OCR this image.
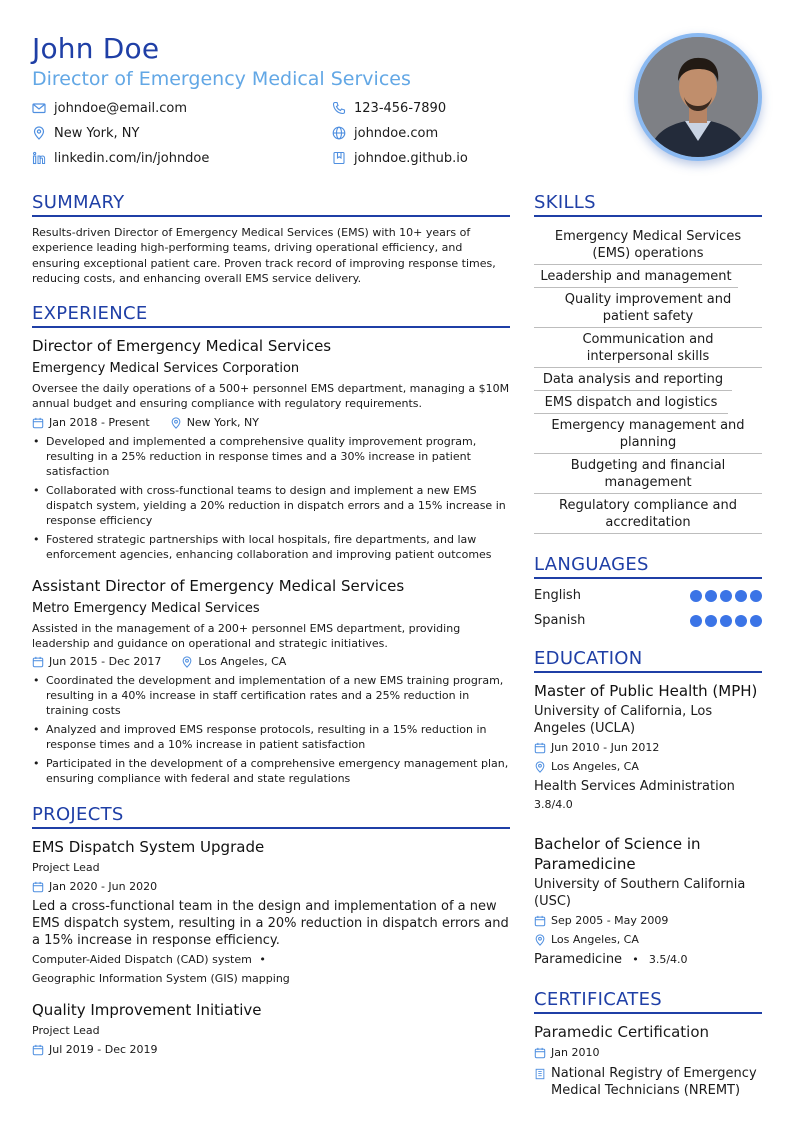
John Doe
Director of Emergency Medical Services
johndoe@email.com	123-456-7890
New York, NY	johndoe.com
linkedin.com/in/johndoe	johndoe.github.io
SUMMARY
Results-driven Director of Emergency Medical Services (EMS) with 10+ years of experience leading high-performing teams, driving operational efficiency, and ensuring exceptional patient care. Proven track record of improving response times, reducing costs, and enhancing overall EMS service delivery.
EXPERIENCE
Director of Emergency Medical Services
Emergency Medical Services Corporation
Oversee the daily operations of a 500+ personnel EMS department, managing a $10M annual budget and ensuring compliance with regulatory requirements.
Jan 2018 - Present	New York, NY
• Developed and implemented a comprehensive quality improvement program, resulting in a 25% reduction in response times and a 30% increase in patient satisfaction
• Collaborated with cross-functional teams to design and implement a new EMS dispatch system, yielding a 20% reduction in dispatch errors and a 15% increase in response efficiency
• Fostered strategic partnerships with local hospitals, fire departments, and law enforcement agencies, enhancing collaboration and improving patient outcomes
Assistant Director of Emergency Medical Services
Metro Emergency Medical Services
Assisted in the management of a 200+ personnel EMS department, providing leadership and guidance on operational and strategic initiatives.
Jun 2015 - Dec 2017	Los Angeles, CA
• Coordinated the development and implementation of a new EMS training program, resulting in a 40% increase in staff certification rates and a 25% reduction in training costs
• Analyzed and improved EMS response protocols, resulting in a 15% reduction in response times and a 10% increase in patient satisfaction
• Participated in the development of a comprehensive emergency management plan, ensuring compliance with federal and state regulations
PROJECTS
EMS Dispatch System Upgrade
Project Lead
Jan 2020 - Jun 2020
Led a cross-functional team in the design and implementation of a new EMS dispatch system, resulting in a 20% reduction in dispatch errors and a 15% increase in response efficiency.
Computer-Aided Dispatch (CAD) system •
Geographic Information System (GIS) mapping
Quality Improvement Initiative
Project Lead
Jul 2019 - Dec 2019
SKILLS
Emergency Medical Services (EMS) operations
Leadership and management
Quality improvement and patient safety
Communication and interpersonal skills
Data analysis and reporting
EMS dispatch and logistics
Emergency management and planning
Budgeting and financial management
Regulatory compliance and accreditation
LANGUAGES
English
Spanish
EDUCATION
Master of Public Health (MPH)
University of California, Los Angeles (UCLA)
Jun 2010 - Jun 2012
Los Angeles, CA
Health Services Administration
3.8/4.0
Bachelor of Science in Paramedicine
University of Southern California (USC)
Sep 2005 - May 2009
Los Angeles, CA
Paramedicine • 3.5/4.0
CERTIFICATES
Paramedic Certification
Jan 2010
National Registry of Emergency Medical Technicians (NREMT)
